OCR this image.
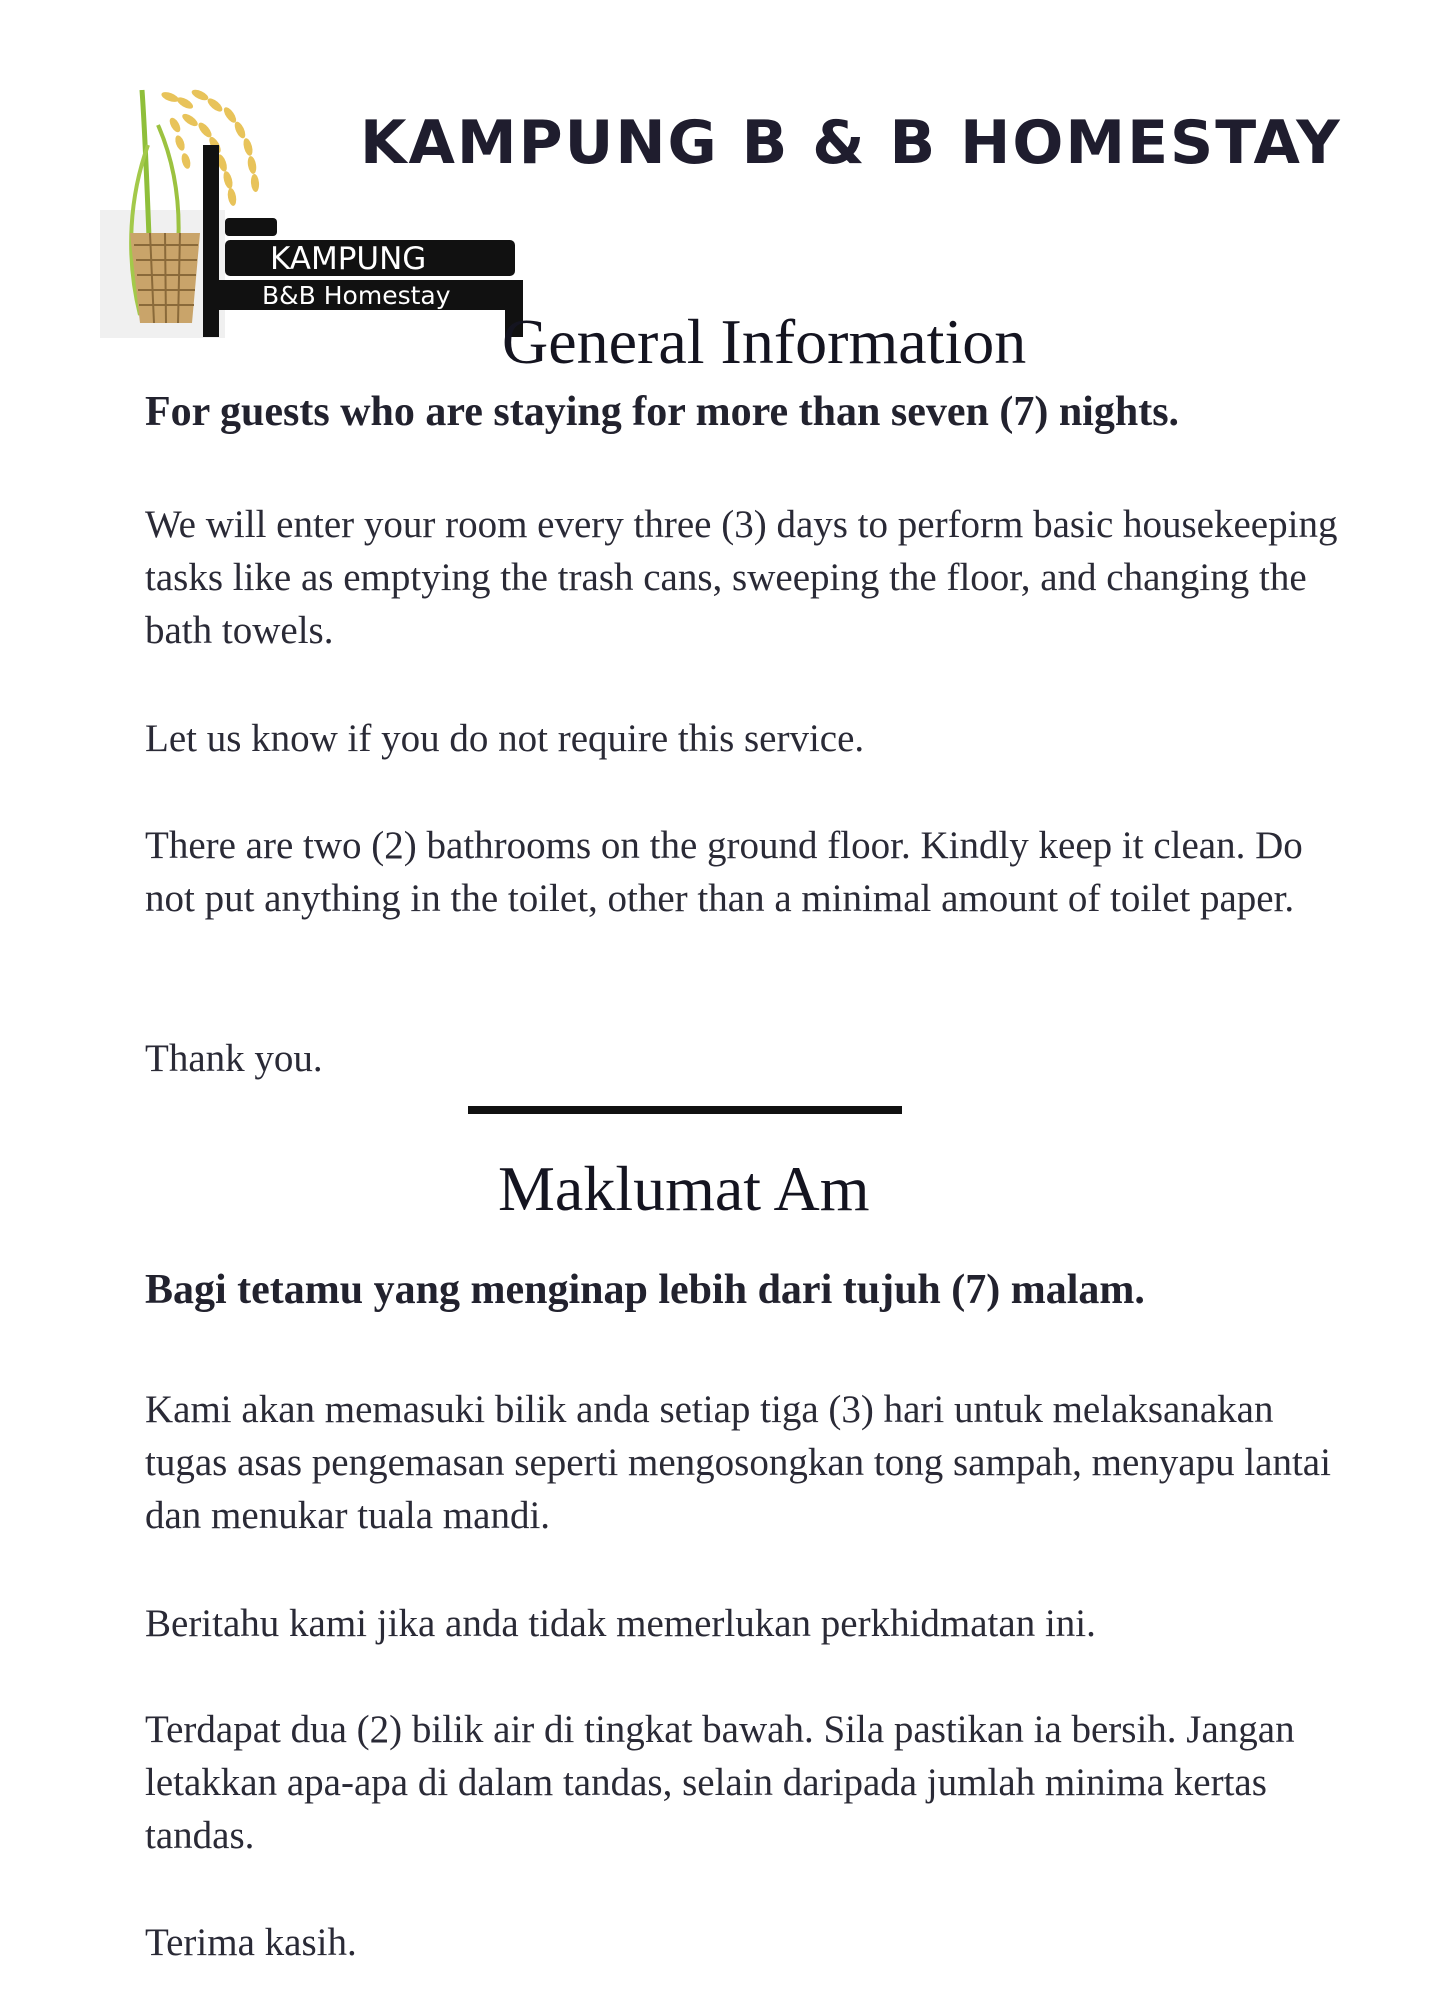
KAMPUNG
B&B Homestay
KAMPUNG B & B HOMESTAY
General Information
For guests who are staying for more than seven (7) nights.

We will enter your room every three (3) days to perform basic housekeeping tasks like as emptying the trash cans, sweeping the floor, and changing the bath towels.

Let us know if you do not require this service.

There are two (2) bathrooms on the ground floor. Kindly keep it clean. Do not put anything in the toilet, other than a minimal amount of toilet paper.

Thank you.

Maklumat Am
Bagi tetamu yang menginap lebih dari tujuh (7) malam.

Kami akan memasuki bilik anda setiap tiga (3) hari untuk melaksanakan tugas asas pengemasan seperti mengosongkan tong sampah, menyapu lantai dan menukar tuala mandi.

Beritahu kami jika anda tidak memerlukan perkhidmatan ini.

Terdapat dua (2) bilik air di tingkat bawah. Sila pastikan ia bersih. Jangan letakkan apa-apa di dalam tandas, selain daripada jumlah minima kertas tandas.

Terima kasih.
